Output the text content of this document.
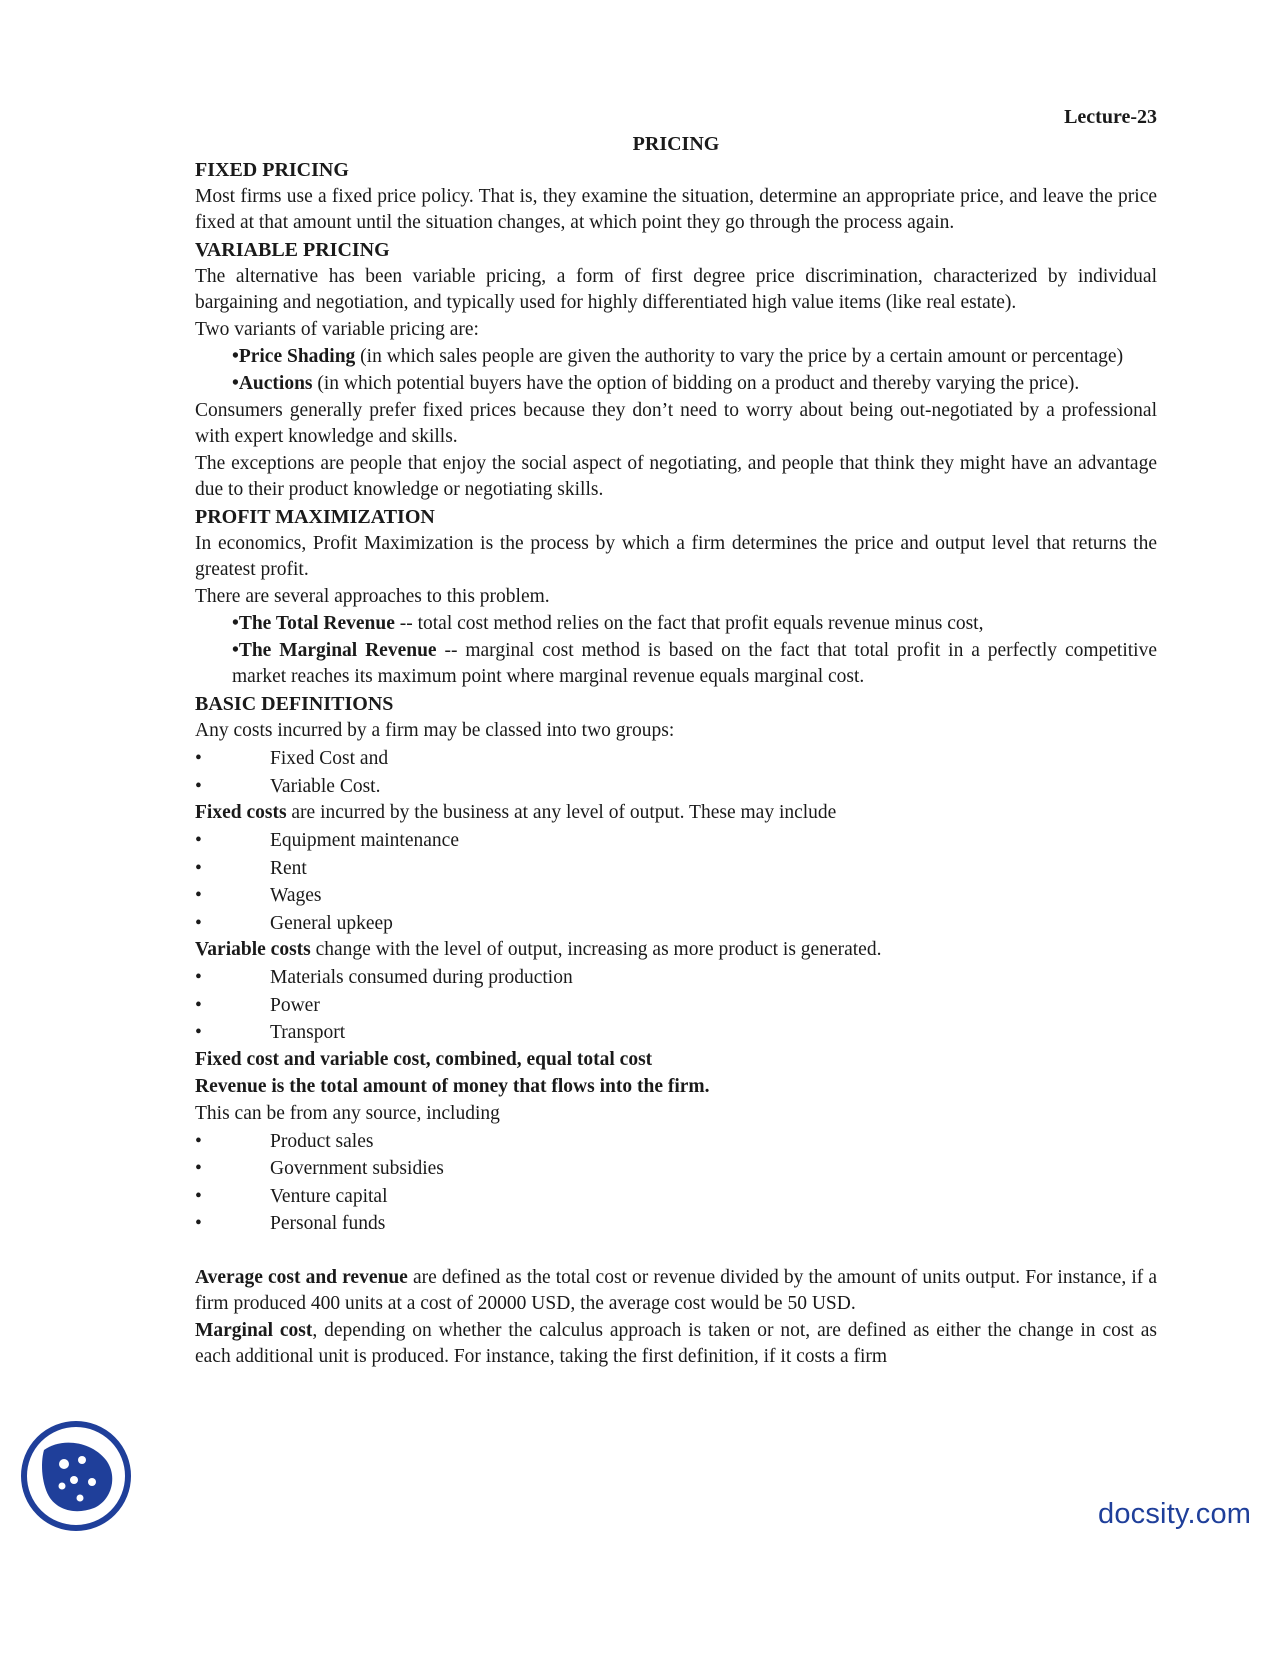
Lecture-23
PRICING
FIXED PRICING

Most firms use a fixed price policy. That is, they examine the situation, determine an appropriate price, and leave the price fixed at that amount until the situation changes, at which point they go through the process again.

VARIABLE PRICING

The alternative has been variable pricing, a form of first degree price discrimination, characterized by individual bargaining and negotiation, and typically used for highly differentiated high value items (like real estate).

Two variants of variable pricing are:

•Price Shading (in which sales people are given the authority to vary the price by a certain amount or percentage)
•Auctions (in which potential buyers have the option of bidding on a product and thereby varying the price).

Consumers generally prefer fixed prices because they don’t need to worry about being out-negotiated by a professional with expert knowledge and skills.

The exceptions are people that enjoy the social aspect of negotiating, and people that think they might have an advantage due to their product knowledge or negotiating skills.

PROFIT MAXIMIZATION

In economics, Profit Maximization is the process by which a firm determines the price and output level that returns the greatest profit.

There are several approaches to this problem.

•The Total Revenue -- total cost method relies on the fact that profit equals revenue minus cost,
•The Marginal Revenue -- marginal cost method is based on the fact that total profit in a perfectly competitive market reaches its maximum point where marginal revenue equals marginal cost.
BASIC DEFINITIONS

Any costs incurred by a firm may be classed into two groups:

•	Fixed Cost and
•	Variable Cost.

Fixed costs are incurred by the business at any level of output. These may include

•	Equipment maintenance
•	Rent
•	Wages
•	General upkeep

Variable costs change with the level of output, increasing as more product is generated.

•	Materials consumed during production
•	Power
•	Transport

Fixed cost and variable cost, combined, equal total cost

Revenue is the total amount of money that flows into the firm.

This can be from any source, including

•	Product sales
•	Government subsidies
•	Venture capital
•	Personal funds

Average cost and revenue are defined as the total cost or revenue divided by the amount of units output. For instance, if a firm produced 400 units at a cost of 20000 USD, the average cost would be 50 USD.

Marginal cost, depending on whether the calculus approach is taken or not, are defined as either the change in cost as each additional unit is produced. For instance, taking the first definition, if it costs a firm

docsity.com
